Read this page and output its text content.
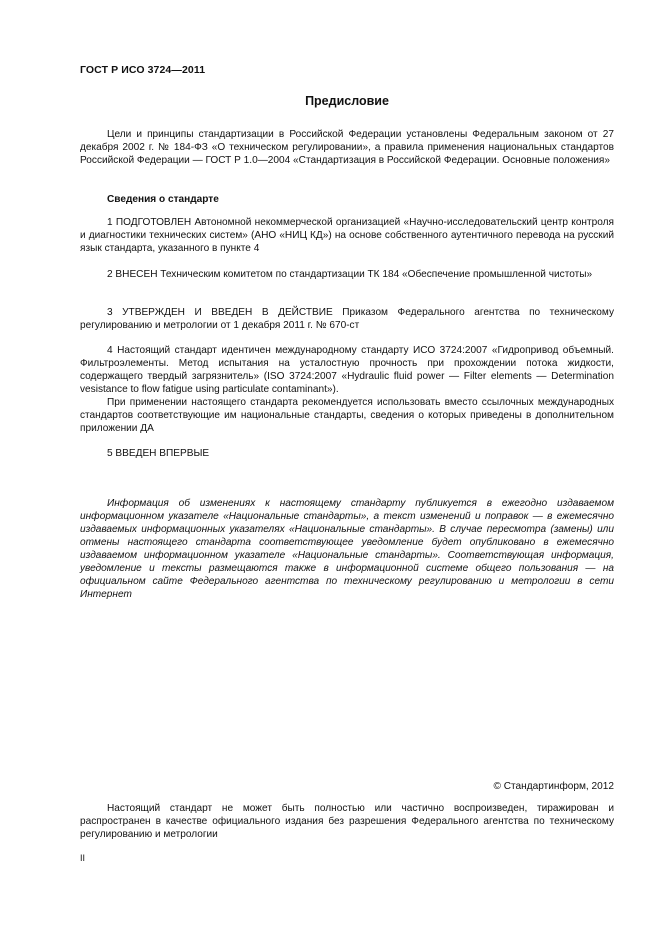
ГОСТ Р ИСО 3724—2011
Предисловие

Цели и принципы стандартизации в Российской Федерации установлены Федеральным законом от 27 декабря 2002 г. № 184-ФЗ «О техническом регулировании», а правила применения национальных стандартов Российской Федерации — ГОСТ Р 1.0—2004 «Стандартизация в Российской Федерации. Основные положения»

Сведения о стандарте

1 ПОДГОТОВЛЕН Автономной некоммерческой организацией «Научно-исследовательский центр контроля и диагностики технических систем» (АНО «НИЦ КД») на основе собственного аутентичного перевода на русский язык стандарта, указанного в пункте 4

2 ВНЕСЕН Техническим комитетом по стандартизации ТК 184 «Обеспечение промышленной чистоты»

3 УТВЕРЖДЕН И ВВЕДЕН В ДЕЙСТВИЕ Приказом Федерального агентства по техническому регулированию и метрологии от 1 декабря 2011 г. № 670-ст

4 Настоящий стандарт идентичен международному стандарту ИСО 3724:2007 «Гидропривод объемный. Фильтроэлементы. Метод испытания на усталостную прочность при прохождении потока жидкости, содержащего твердый загрязнитель» (ISO 3724:2007 «Hydraulic fluid power — Filter elements — Determination vesistance to flow fatigue using particulate contaminant»).

При применении настоящего стандарта рекомендуется использовать вместо ссылочных международных стандартов соответствующие им национальные стандарты, сведения о которых приведены в дополнительном приложении ДА

5 ВВЕДЕН ВПЕРВЫЕ

Информация об изменениях к настоящему стандарту публикуется в ежегодно издаваемом информационном указателе «Национальные стандарты», а текст изменений и поправок — в ежемесячно издаваемых информационных указателях «Национальные стандарты». В случае пересмотра (замены) или отмены настоящего стандарта соответствующее уведомление будет опубликовано в ежемесячно издаваемом информационном указателе «Национальные стандарты». Соответствующая информация, уведомление и тексты размещаются также в информационной системе общего пользования — на официальном сайте Федерального агентства по техническому регулированию и метрологии в сети Интернет

© Стандартинформ, 2012

Настоящий стандарт не может быть полностью или частично воспроизведен, тиражирован и распространен в качестве официального издания без разрешения Федерального агентства по техническому регулированию и метрологии

II
